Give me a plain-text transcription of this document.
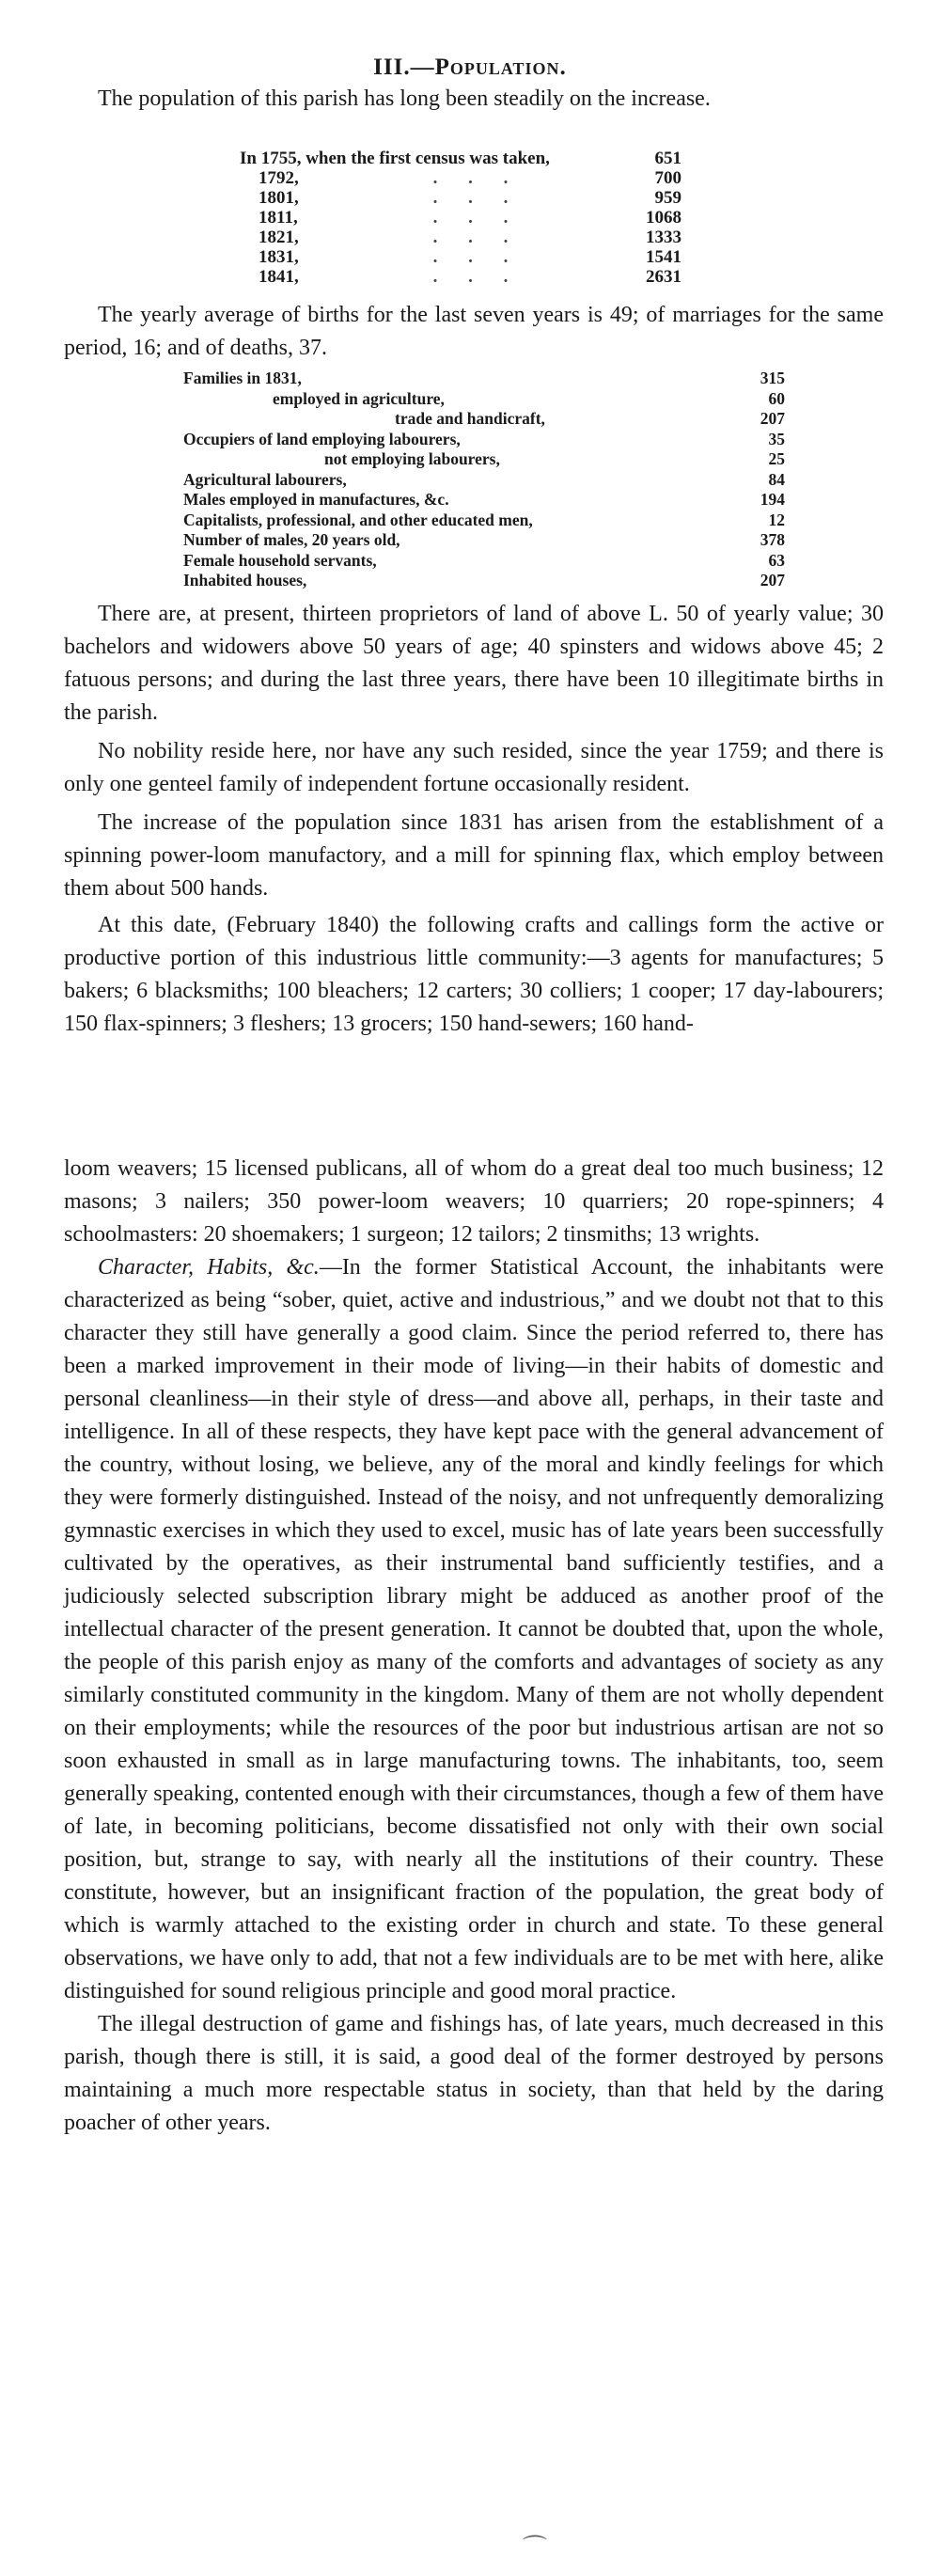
III.—Population.

The population of this parish has long been steadily on the increase.

In 1755, when the first census was taken,	651
1792,	. . .	700
1801,	. . .	959
1811,	. . .	1068
1821,	. . .	1333
1831,	. . .	1541
1841,	. . .	2631

The yearly average of births for the last seven years is 49; of marriages for the same period, 16; and of deaths, 37.

Families in 1831,	315
employed in agriculture,	60
trade and handicraft,	207
Occupiers of land employing labourers,	35
not employing labourers,	25
Agricultural labourers,	84
Males employed in manufactures, &c.	194
Capitalists, professional, and other educated men,	12
Number of males, 20 years old,	378
Female household servants,	63
Inhabited houses,	207

There are, at present, thirteen proprietors of land of above L. 50 of yearly value; 30 bachelors and widowers above 50 years of age; 40 spinsters and widows above 45; 2 fatuous persons; and during the last three years, there have been 10 illegitimate births in the parish.

No nobility reside here, nor have any such resided, since the year 1759; and there is only one genteel family of independent fortune occasionally resident.

The increase of the population since 1831 has arisen from the establishment of a spinning power-loom manufactory, and a mill for spinning flax, which employ between them about 500 hands.

At this date, (February 1840) the following crafts and callings form the active or productive portion of this industrious little community:—3 agents for manufactures; 5 bakers; 6 blacksmiths; 100 bleachers; 12 carters; 30 colliers; 1 cooper; 17 day-labourers; 150 flax-spinners; 3 fleshers; 13 grocers; 150 hand-sewers; 160 hand-

loom weavers; 15 licensed publicans, all of whom do a great deal too much business; 12 masons; 3 nailers; 350 power-loom weavers; 10 quarriers; 20 rope-spinners; 4 schoolmasters: 20 shoemakers; 1 surgeon; 12 tailors; 2 tinsmiths; 13 wrights.

Character, Habits, &c.—In the former Statistical Account, the inhabitants were characterized as being “sober, quiet, active and industrious,” and we doubt not that to this character they still have generally a good claim. Since the period referred to, there has been a marked improvement in their mode of living—in their habits of domestic and personal cleanliness—in their style of dress—and above all, perhaps, in their taste and intelligence. In all of these respects, they have kept pace with the general advancement of the country, without losing, we believe, any of the moral and kindly feelings for which they were formerly distinguished. Instead of the noisy, and not unfrequently demoralizing gymnastic exercises in which they used to excel, music has of late years been successfully cultivated by the operatives, as their instrumental band sufficiently testifies, and a judiciously selected subscription library might be adduced as another proof of the intellectual character of the present generation. It cannot be doubted that, upon the whole, the people of this parish enjoy as many of the comforts and advantages of society as any similarly constituted community in the kingdom. Many of them are not wholly dependent on their employments; while the resources of the poor but industrious artisan are not so soon exhausted in small as in large manufacturing towns. The inhabitants, too, seem generally speaking, contented enough with their circumstances, though a few of them have of late, in becoming politicians, become dissatisfied not only with their own social position, but, strange to say, with nearly all the institutions of their country. These constitute, however, but an insignificant fraction of the population, the great body of which is warmly attached to the existing order in church and state. To these general observations, we have only to add, that not a few individuals are to be met with here, alike distinguished for sound religious principle and good moral practice.

The illegal destruction of game and fishings has, of late years, much decreased in this parish, though there is still, it is said, a good deal of the former destroyed by persons maintaining a much more respectable status in society, than that held by the daring poacher of other years.

⌒
